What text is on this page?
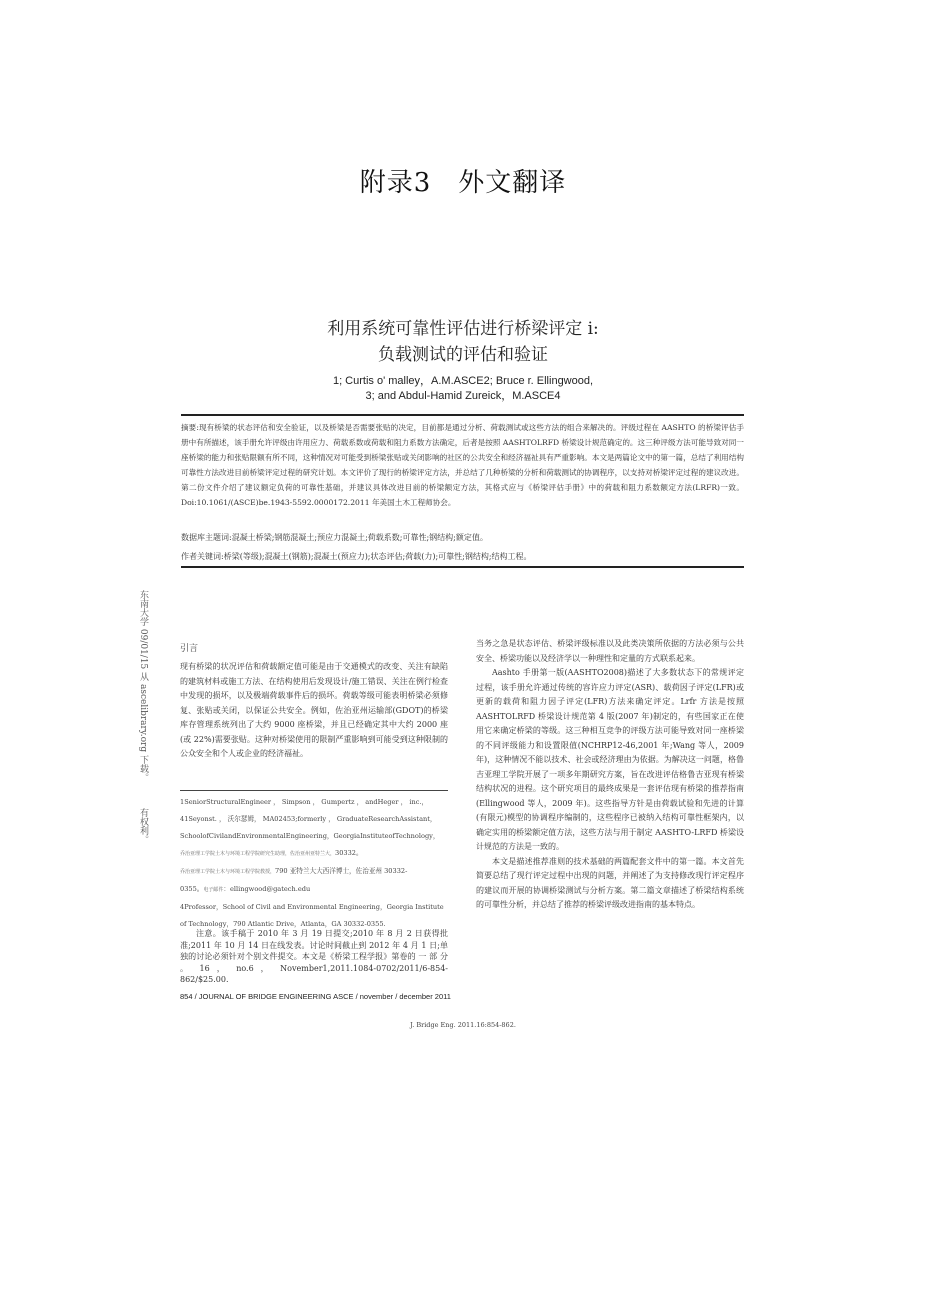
附录3　外文翻译
利用系统可靠性评估进行桥梁评定 i:
负载测试的评估和验证
1; Curtis o' malley，A.M.ASCE2; Bruce r. Ellingwood,
3; and Abdul-Hamid Zureick，M.ASCE4

摘要:现有桥梁的状态评估和安全验证，以及桥梁是否需要张贴的决定，目前都是通过分析、荷载测试或这些方法的组合来解决的。评级过程在 AASHTO 的桥梁评估手册中有所描述，该手册允许评级由许用应力、荷载系数或荷载和阻力系数方法确定，后者是按照 AASHTOLRFD 桥梁设计规范确定的。这三种评级方法可能导致对同一座桥梁的能力和张贴限额有所不同，这种情况对可能受到桥梁张贴或关闭影响的社区的公共安全和经济福祉具有严重影响。本文是两篇论文中的第一篇，总结了利用结构可靠性方法改进目前桥梁评定过程的研究计划。本文评价了现行的桥梁评定方法，并总结了几种桥梁的分析和荷载测试的协调程序，以支持对桥梁评定过程的建议改进。第二份文件介绍了建议额定负荷的可靠性基础，并建议具体改进目前的桥梁额定方法，其格式应与《桥梁评估手册》中的荷载和阻力系数额定方法(LRFR)一致。Doi:10.1061/(ASCE)be.1943-5592.0000172.2011 年美国土木工程师协会。

数据库主题词:混凝土桥梁;钢筋混凝土;预应力混凝土;荷载系数;可靠性;钢结构;额定值。

作者关键词:桥梁(等级);混凝土(钢筋);混凝土(预应力);状态评估;荷载(力);可靠性;钢结构;结构工程。

东南大学 09/01/15 从 ascelibrary.org 下载。有权利。

引言

现有桥梁的状况评估和荷载额定值可能是由于交通模式的改变、关注有缺陷的建筑材料或施工方法、在结构使用后发现设计/施工错误、关注在例行检查中发现的损坏，以及极端荷载事件后的损坏。荷载等级可能表明桥梁必须修复、张贴或关闭，以保证公共安全。例如，佐治亚州运输部(GDOT)的桥梁库存管理系统列出了大约 9000 座桥梁，并且已经确定其中大约 2000 座(或 22%)需要张贴。这种对桥梁使用的限制严重影响到可能受到这种限制的公众安全和个人或企业的经济福祉。

1SeniorStructuralEngineer ， Simpson ， Gumpertz ， andHeger ， inc.，

41Seyonst. ， 沃尔瑟姆， MA02453;formerly ， GraduateResearchAssistant，

SchoolofCivilandEnvironmentalEngineering，GeorgiaInstituteofTechnology，

乔治亚理工学院土木与环境工程学院研究生助理，佐治亚州亚特兰大，30332。

乔治亚理工学院土木与环境工程学院教授，790 亚特兰大大西洋博士，佐治亚州 30332-

0355。电子邮件：ellingwood@gatech.edu

4Professor，School of Civil and Environmental Engineering，Georgia Institute

of Technology，790 Atlantic Drive，Atlanta，GA 30332-0355.

注意。该手稿于 2010 年 3 月 19 日提交;2010 年 8 月 2 日获得批准;2011 年 10 月 14 日在线发表。讨论时间截止到 2012 年 4 月 1 日;单独的讨论必须针对个别文件提交。本文是《桥梁工程学报》第卷的 一 部 分 。 16 ， no.6 ， November1,2011.1084-0702/2011/6-854-862/$25.00.

854 / JOURNAL OF BRIDGE ENGINEERING ASCE / november / december 2011

当务之急是状态评估、桥梁评级标准以及此类决策所依据的方法必须与公共安全、桥梁功能以及经济学以一种理性和定量的方式联系起来。

Aashto 手册第一版(AASHTO2008)描述了大多数状态下的常规评定过程，该手册允许通过传统的容许应力评定(ASR)、载荷因子评定(LFR)或更新的载荷和阻力因子评定(LFR)方法来确定评定。Lrfr 方法是按照 AASHTOLRFD 桥梁设计规范第 4 版(2007 年)制定的，有些国家正在使用它来确定桥梁的等级。这三种相互竞争的评级方法可能导致对同一座桥梁的不同评级能力和设置限值(NCHRP12-46,2001 年;Wang 等人，2009 年)，这种情况不能以技术、社会或经济理由为依据。为解决这一问题，格鲁吉亚理工学院开展了一项多年期研究方案，旨在改进评估格鲁吉亚现有桥梁结构状况的进程。这个研究项目的最终成果是一套评估现有桥梁的推荐指南(Ellingwood 等人，2009 年)。这些指导方针是由荷载试验和先进的计算(有限元)模型的协调程序编制的，这些程序已被纳入结构可靠性框架内，以确定实用的桥梁额定值方法，这些方法与用于制定 AASHTO-LRFD 桥梁设计规范的方法是一致的。

本文是描述推荐准则的技术基础的两篇配套文件中的第一篇。本文首先简要总结了现行评定过程中出现的问题，并阐述了为支持修改现行评定程序的建议而开展的协调桥梁测试与分析方案。第二篇文章描述了桥梁结构系统的可靠性分析，并总结了推荐的桥梁评级改进指南的基本特点。

J. Bridge Eng. 2011.16:854-862.
